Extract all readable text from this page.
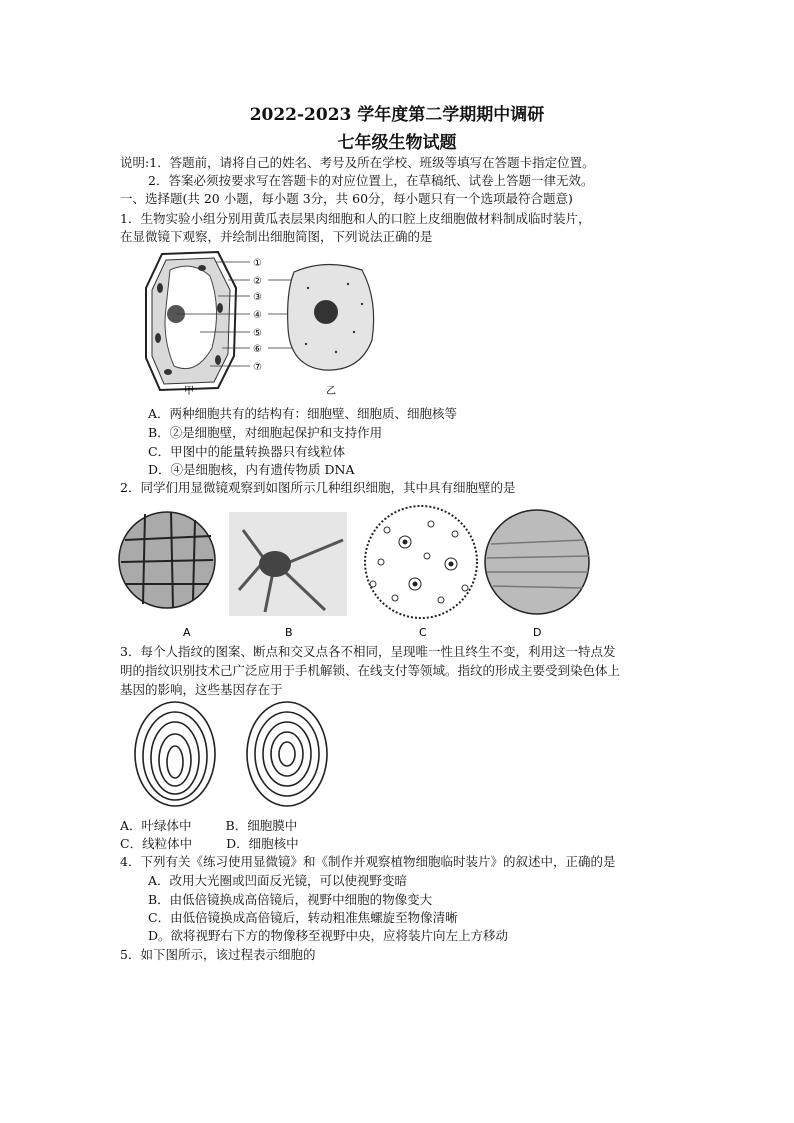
2022-2023 学年度第二学期期中调研
七年级生物试题
说明:1．答题前，请将自己的姓名、考号及所在学校、班级等填写在答题卡指定位置。
2．答案必须按要求写在答题卡的对应位置上，在草稿纸、试卷上答题一律无效。
一、选择题(共 20 小题，每小题 3分，共 60分，每小题只有一个选项最符合题意)
1．生物实验小组分别用黄瓜表层果肉细胞和人的口腔上皮细胞做材料制成临时装片，
在显微镜下观察，并绘制出细胞简图，下列说法正确的是
①
②
③
④
⑤
⑥
⑦
甲	乙
A．两种细胞共有的结构有：细胞壁、细胞质、细胞核等
B．②是细胞壁，对细胞起保护和支持作用
C．甲图中的能量转换器只有线粒体
D．④是细胞核，内有遗传物质 DNA
2．同学们用显微镜观察到如图所示几种组织细胞，其中具有细胞壁的是
A	B	C	D
3．每个人指纹的图案、断点和交叉点各不相同，呈现唯一性且终生不变，利用这一特点发
明的指纹识别技术己广泛应用于手机解锁、在线支付等领域。指纹的形成主要受到染色体上
基因的影响，这些基因存在于
A．叶绿体中	B．细胞膜中
C．线粒体中	D．细胞核中
4．下列有关《练习使用显微镜》和《制作并观察植物细胞临时装片》的叙述中，正确的是
A．改用大光圈或凹面反光镜，可以使视野变暗
B．由低倍镜换成高倍镜后，视野中细胞的物像变大
C．由低倍镜换成高倍镜后，转动粗准焦螺旋至物像清晰
D。欲将视野右下方的物像移至视野中央，应将装片向左上方移动
5．如下图所示，该过程表示细胞的
